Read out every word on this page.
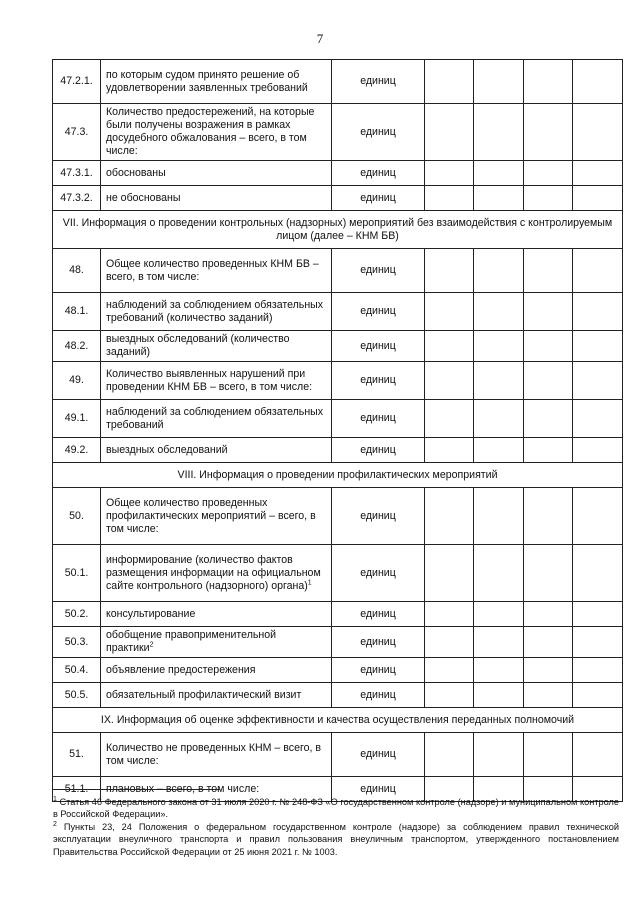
7
47.2.1.	по которым судом принято решение об удовлетворении заявленных требований	единиц				
47.3.	Количество предостережений, на которые были получены возражения в рамках досудебного обжалования – всего, в том числе:	единиц				
47.3.1.	обоснованы	единиц				
47.3.2.	не обоснованы	единиц				
VII. Информация о проведении контрольных (надзорных) мероприятий без взаимодействия с контролируемым лицом (далее – КНМ БВ)						
48.	Общее количество проведенных КНМ БВ – всего, в том числе:	единиц				
48.1.	наблюдений за соблюдением обязательных требований (количество заданий)	единиц				
48.2.	выездных обследований (количество заданий)	единиц				
49.	Количество выявленных нарушений при проведении КНМ БВ – всего, в том числе:	единиц				
49.1.	наблюдений за соблюдением обязательных требований	единиц				
49.2.	выездных обследований	единиц				
VIII. Информация о проведении профилактических мероприятий						
50.	Общее количество проведенных профилактических мероприятий – всего, в том числе:	единиц				
50.1.	информирование (количество фактов размещения информации на официальном сайте контрольного (надзорного) органа)$^1$	единиц				
50.2.	консультирование	единиц				
50.3.	обобщение правоприменительной практики$^2$	единиц				
50.4.	объявление предостережения	единиц				
50.5.	обязательный профилактический визит	единиц				
IX. Информация об оценке эффективности и качества осуществления переданных полномочий						
51.	Количество не проведенных КНМ – всего, в том числе:	единиц				
51.1.	плановых – всего, в том числе:	единиц				

$^1$ Статья 46 Федерального закона от 31 июля 2020 г. № 248-ФЗ «О государственном контроле (надзоре) и муниципальном контроле в Российской Федерации».

$^2$ Пункты 23, 24 Положения о федеральном государственном контроле (надзоре) за соблюдением правил технической эксплуатации внеуличного транспорта и правил пользования внеуличным транспортом, утвержденного постановлением Правительства Российской Федерации от 25 июня 2021 г. № 1003.
